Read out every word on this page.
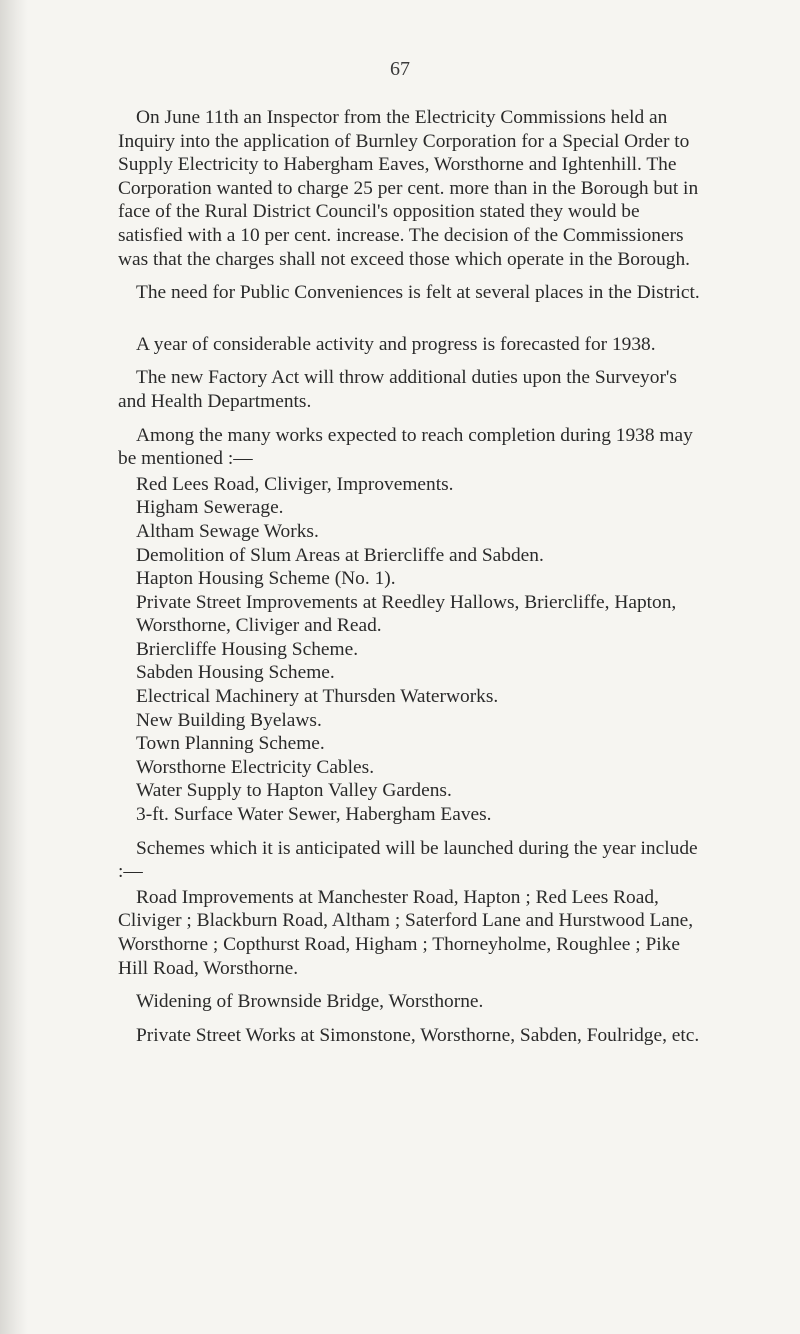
67

On June 11th an Inspector from the Electricity Commissions held an Inquiry into the application of Burnley Corporation for a Special Order to Supply Electricity to Habergham Eaves, Worsthorne and Ightenhill. The Corporation wanted to charge 25 per cent. more than in the Borough but in face of the Rural District Council's opposition stated they would be satisfied with a 10 per cent. increase. The decision of the Commissioners was that the charges shall not exceed those which operate in the Borough.

The need for Public Conveniences is felt at several places in the District.

A year of considerable activity and progress is forecasted for 1938.

The new Factory Act will throw additional duties upon the Surveyor's and Health Departments.

Among the many works expected to reach completion during 1938 may be mentioned :—

Red Lees Road, Cliviger, Improvements.
Higham Sewerage.
Altham Sewage Works.
Demolition of Slum Areas at Briercliffe and Sabden.
Hapton Housing Scheme (No. 1).
Private Street Improvements at Reedley Hallows, Briercliffe, Hapton, Worsthorne, Cliviger and Read.
Briercliffe Housing Scheme.
Sabden Housing Scheme.
Electrical Machinery at Thursden Waterworks.
New Building Byelaws.
Town Planning Scheme.
Worsthorne Electricity Cables.
Water Supply to Hapton Valley Gardens.
3-ft. Surface Water Sewer, Habergham Eaves.

Schemes which it is anticipated will be launched during the year include :—

Road Improvements at Manchester Road, Hapton ; Red Lees Road, Cliviger ; Blackburn Road, Altham ; Saterford Lane and Hurstwood Lane, Worsthorne ; Copthurst Road, Higham ; Thorneyholme, Roughlee ; Pike Hill Road, Worsthorne.

Widening of Brownside Bridge, Worsthorne.

Private Street Works at Simonstone, Worsthorne, Sabden, Foulridge, etc.
